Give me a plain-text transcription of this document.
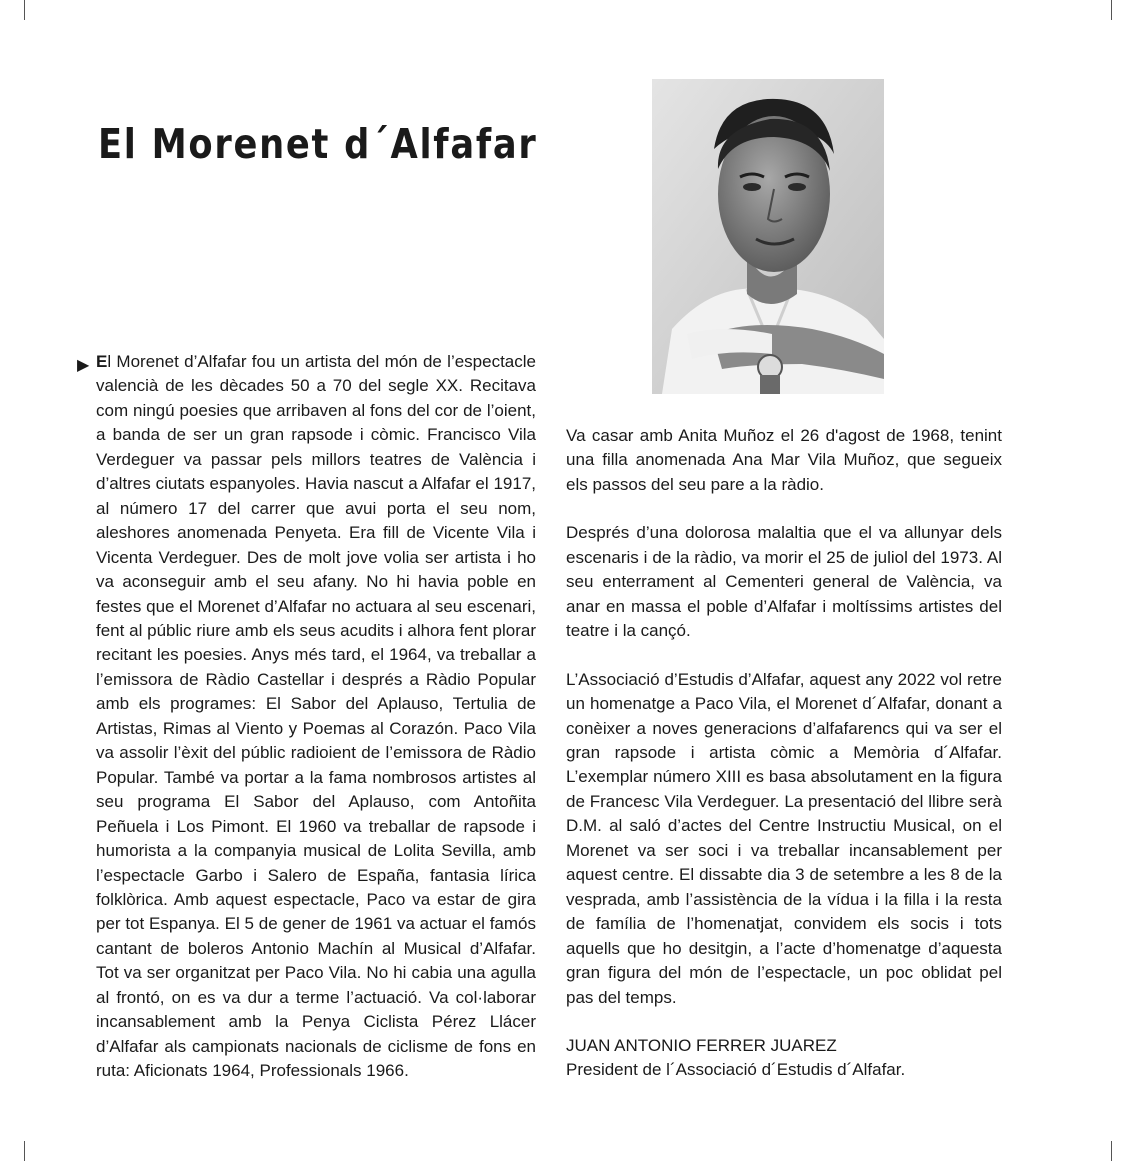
El Morenet d´Alfafar
▶ El Morenet d’Alfafar fou un artista del món de l’espectacle valencià de les dècades 50 a 70 del segle XX. Recitava com ningú poesies que arribaven al fons del cor de l’oient, a banda de ser un gran rapsode i còmic. Francisco Vila Verdeguer va passar pels millors teatres de València i d’altres ciutats espanyoles. Havia nascut a Alfafar el 1917, al número 17 del carrer que avui porta el seu nom, aleshores anomenada Penyeta. Era fill de Vicente Vila i Vicenta Verdeguer. Des de molt jove volia ser artista i ho va aconseguir amb el seu afany. No hi havia poble en festes que el Morenet d’Alfafar no actuara al seu escenari, fent al públic riure amb els seus acudits i alhora fent plorar recitant les poesies. Anys més tard, el 1964, va treballar a l’emissora de Ràdio Castellar i després a Ràdio Popular amb els programes: El Sabor del Aplauso, Tertulia de Artistas, Rimas al Viento y Poemas al Corazón. Paco Vila va assolir l’èxit del públic radioient de l’emissora de Ràdio Popular. També va portar a la fama nombrosos artistes al seu programa El Sabor del Aplauso, com Antoñita Peñuela i Los Pimont. El 1960 va treballar de rapsode i humorista a la companyia musical de Lolita Sevilla, amb l’espectacle Garbo i Salero de España, fantasia lírica folklòrica. Amb aquest espectacle, Paco va estar de gira per tot Espanya. El 5 de gener de 1961 va actuar el famós cantant de boleros Antonio Machín al Musical d’Alfafar. Tot va ser organitzat per Paco Vila. No hi cabia una agulla al frontó, on es va dur a terme l’actuació. Va col·laborar incansablement amb la Penya Ciclista Pérez Llácer d’Alfafar als campionats nacionals de ciclisme de fons en ruta: Aficionats 1964, Professionals 1966.

Va casar amb Anita Muñoz el 26 d'agost de 1968, tenint una filla anomenada Ana Mar Vila Muñoz, que segueix els passos del seu pare a la ràdio.

Després d’una dolorosa malaltia que el va allunyar dels escenaris i de la ràdio, va morir el 25 de juliol del 1973. Al seu enterrament al Cementeri general de València, va anar en massa el poble d’Alfafar i moltíssims artistes del teatre i la cançó.

L’Associació d’Estudis d’Alfafar, aquest any 2022 vol retre un homenatge a Paco Vila, el Morenet d´Alfafar, donant a conèixer a noves generacions d’alfafarencs qui va ser el gran rapsode i artista còmic a Memòria d´Alfafar. L’exemplar número XIII es basa absolutament en la figura de Francesc Vila Verdeguer. La presentació del llibre serà D.M. al saló d’actes del Centre Instructiu Musical, on el Morenet va ser soci i va treballar incansablement per aquest centre. El dissabte dia 3 de setembre a les 8 de la vesprada, amb l’assistència de la vídua i la filla i la resta de família de l’homenatjat, convidem els socis i tots aquells que ho desitgin, a l’acte d’homenatge d’aquesta gran figura del món de l’espectacle, un poc oblidat pel pas del temps.

JUAN ANTONIO FERRER JUAREZ
President de l´Associació d´Estudis d´Alfafar.
